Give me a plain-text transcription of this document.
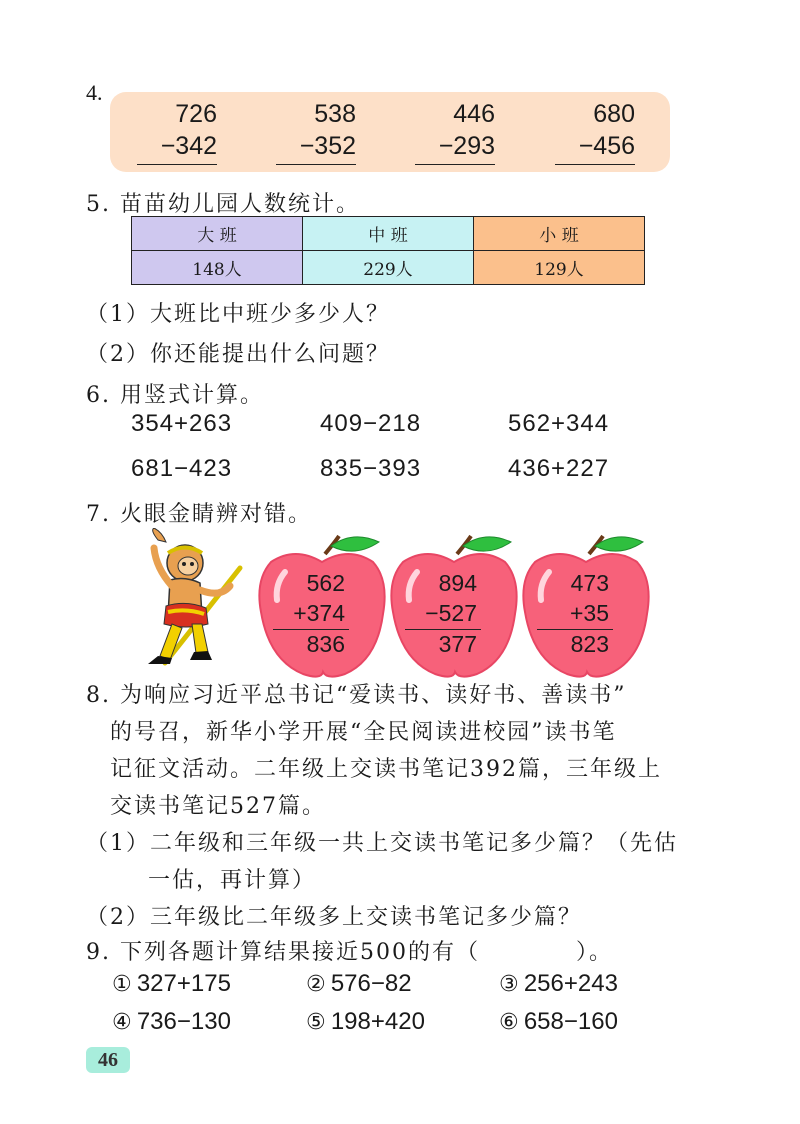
4.
726
−342
538
−352
446
−293
680
−456
5. 苗苗幼儿园人数统计。
大 班	中 班	小 班
148人	229人	129人
（1）大班比中班少多少人？
（2）你还能提出什么问题？
6. 用竖式计算。
354+263	409−218	562+344
681−423	835−393	436+227
7. 火眼金睛辨对错。
562
+374
836
894
−527
377
473
+35
823
8. 为响应习近平总书记“爱读书、读好书、善读书”
的号召，新华小学开展“全民阅读进校园”读书笔
记征文活动。二年级上交读书笔记392篇，三年级上
交读书笔记527篇。
（1）二年级和三年级一共上交读书笔记多少篇？（先估
一估，再计算）
（2）三年级比二年级多上交读书笔记多少篇？
9. 下列各题计算结果接近500的有（　　　　）。
① 327+175	② 576−82	③ 256+243
④ 736−130	⑤ 198+420	⑥ 658−160
46
